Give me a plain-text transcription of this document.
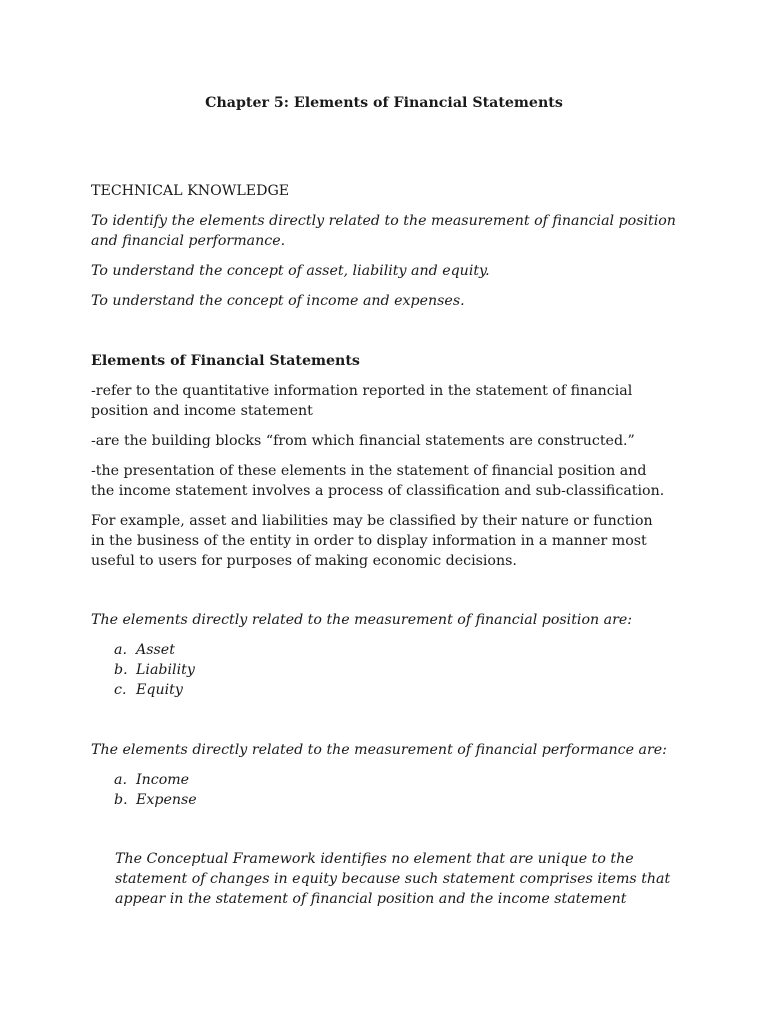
Chapter 5: Elements of Financial Statements
TECHNICAL KNOWLEDGE
To identify the elements directly related to the measurement of financial position
and financial performance.
To understand the concept of asset, liability and equity.
To understand the concept of income and expenses.
Elements of Financial Statements
-refer to the quantitative information reported in the statement of financial
position and income statement
-are the building blocks “from which financial statements are constructed.”
-the presentation of these elements in the statement of financial position and
the income statement involves a process of classification and sub-classification.
For example, asset and liabilities may be classified by their nature or function
in the business of the entity in order to display information in a manner most
useful to users for purposes of making economic decisions.
The elements directly related to the measurement of financial position are:
a. Asset
b. Liability
c. Equity
The elements directly related to the measurement of financial performance are:
a. Income
b. Expense
The Conceptual Framework identifies no element that are unique to the
statement of changes in equity because such statement comprises items that
appear in the statement of financial position and the income statement
